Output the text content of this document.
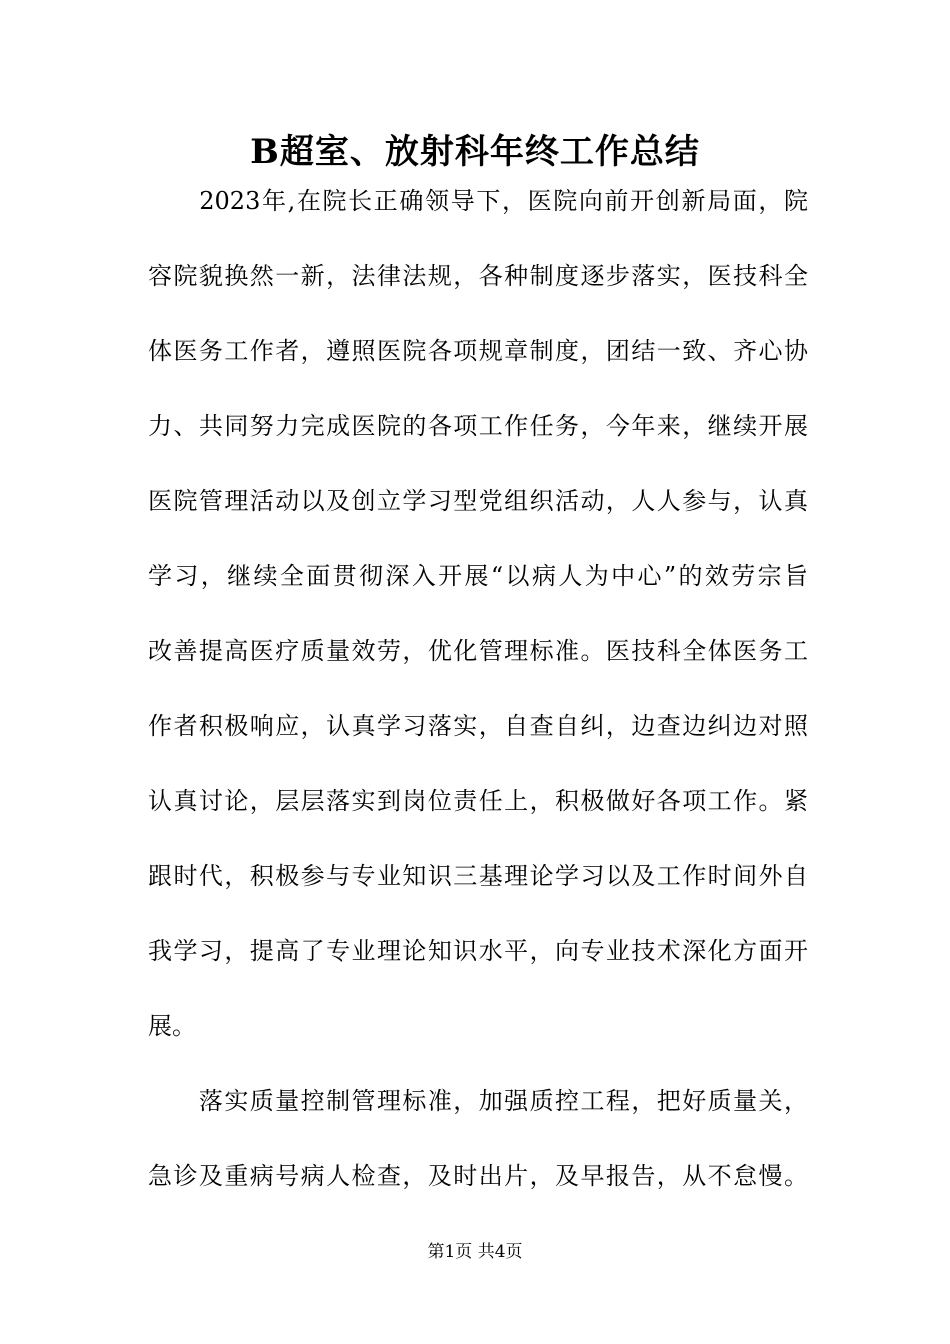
B超室、放射科年终工作总结
　　2023年,在院长正确领导下，医院向前开创新局面，院
容院貌换然一新，法律法规，各种制度逐步落实，医技科全
体医务工作者，遵照医院各项规章制度，团结一致、齐心协
力、共同努力完成医院的各项工作任务，今年来，继续开展
医院管理活动以及创立学习型党组织活动，人人参与，认真
学习，继续全面贯彻深入开展“以病人为中心”的效劳宗旨
改善提高医疗质量效劳，优化管理标准。医技科全体医务工
作者积极响应，认真学习落实，自查自纠，边查边纠边对照
认真讨论，层层落实到岗位责任上，积极做好各项工作。紧
跟时代，积极参与专业知识三基理论学习以及工作时间外自
我学习，提高了专业理论知识水平，向专业技术深化方面开
展。
　　落实质量控制管理标准，加强质控工程，把好质量关，
急诊及重病号病人检查，及时出片，及早报告，从不怠慢。
第1页 共4页
